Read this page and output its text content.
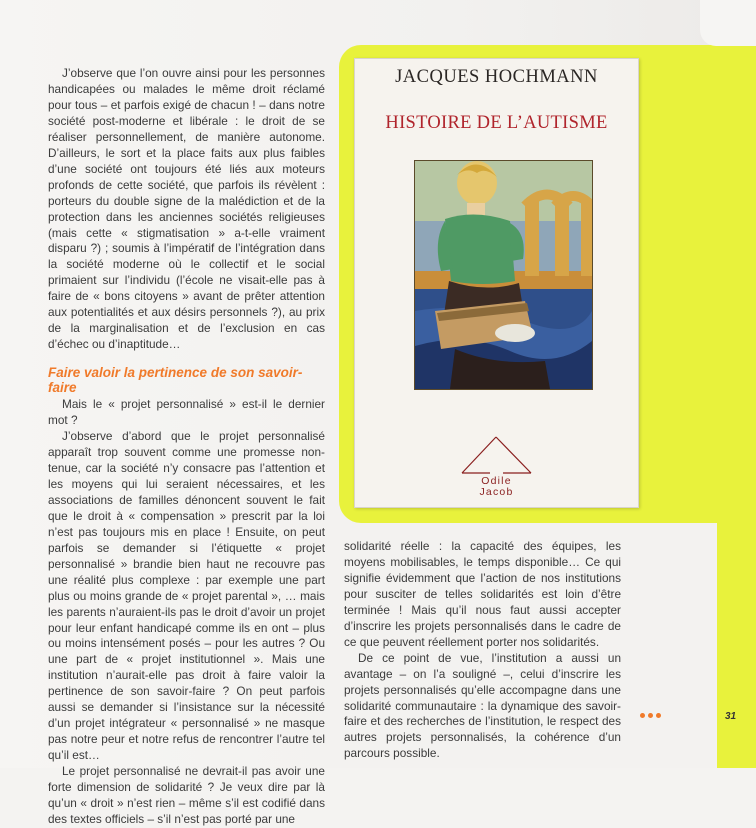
J’observe que l’on ouvre ainsi pour les personnes handicapées ou malades le même droit réclamé pour tous – et parfois exigé de chacun ! – dans notre société post-moderne et libérale : le droit de se réaliser personnellement, de manière autonome. D’ailleurs, le sort et la place faits aux plus faibles d’une société ont toujours été liés aux moteurs profonds de cette société, que parfois ils révèlent : porteurs du double signe de la malédiction et de la protection dans les anciennes sociétés religieuses (mais cette « stigmatisation » a-t-elle vraiment disparu ?) ; soumis à l’impératif de l’intégration dans la société moderne où le collectif et le social primaient sur l’individu (l’école ne visait-elle pas à faire de « bons citoyens » avant de prêter attention aux potentialités et aux désirs personnels ?), au prix de la marginalisation et de l’exclusion en cas d’échec ou d’inaptitude…

Faire valoir la pertinence de son savoir-faire

Mais le « projet personnalisé » est-il le dernier mot ?

J’observe d’abord que le projet personnalisé apparaît trop souvent comme une promesse non-tenue, car la société n’y consacre pas l’attention et les moyens qui lui seraient nécessaires, et les associations de familles dénoncent souvent le fait que le droit à « compensation » prescrit par la loi n’est pas toujours mis en place ! Ensuite, on peut parfois se demander si l’étiquette « projet personnalisé » brandie bien haut ne recouvre pas une réalité plus complexe : par exemple une part plus ou moins grande de « projet parental », … mais les parents n’auraient-ils pas le droit d’avoir un projet pour leur enfant handicapé comme ils en ont – plus ou moins intensément posés – pour les autres ? Ou une part de « projet institutionnel ». Mais une institution n’aurait-elle pas droit à faire valoir la pertinence de son savoir-faire ? On peut parfois aussi se demander si l’insistance sur la nécessité d’un projet intégrateur « personnalisé » ne masque pas notre peur et notre refus de rencontrer l’autre tel qu’il est…

Le projet personnalisé ne devrait-il pas avoir une forte dimension de solidarité ? Je veux dire par là qu’un « droit » n’est rien – même s’il est codifié dans des textes officiels – s’il n’est pas porté par une

JACQUES HOCHMANN
HISTOIRE DE L’AUTISME
Odile
Jacob

solidarité réelle : la capacité des équipes, les moyens mobilisables, le temps disponible… Ce qui signifie évidemment que l’action de nos institutions pour susciter de telles solidarités est loin d’être terminée ! Mais qu’il nous faut aussi accepter d’inscrire les projets personnalisés dans le cadre de ce que peuvent réellement porter nos solidarités.

De ce point de vue, l’institution a aussi un avantage – on l’a souligné –, celui d’inscrire les projets personnalisés qu’elle accompagne dans une solidarité communautaire : la dynamique des savoir-faire et des recherches de l’institution, le respect des autres projets personnalisés, la cohérence d’un parcours possible.

31
